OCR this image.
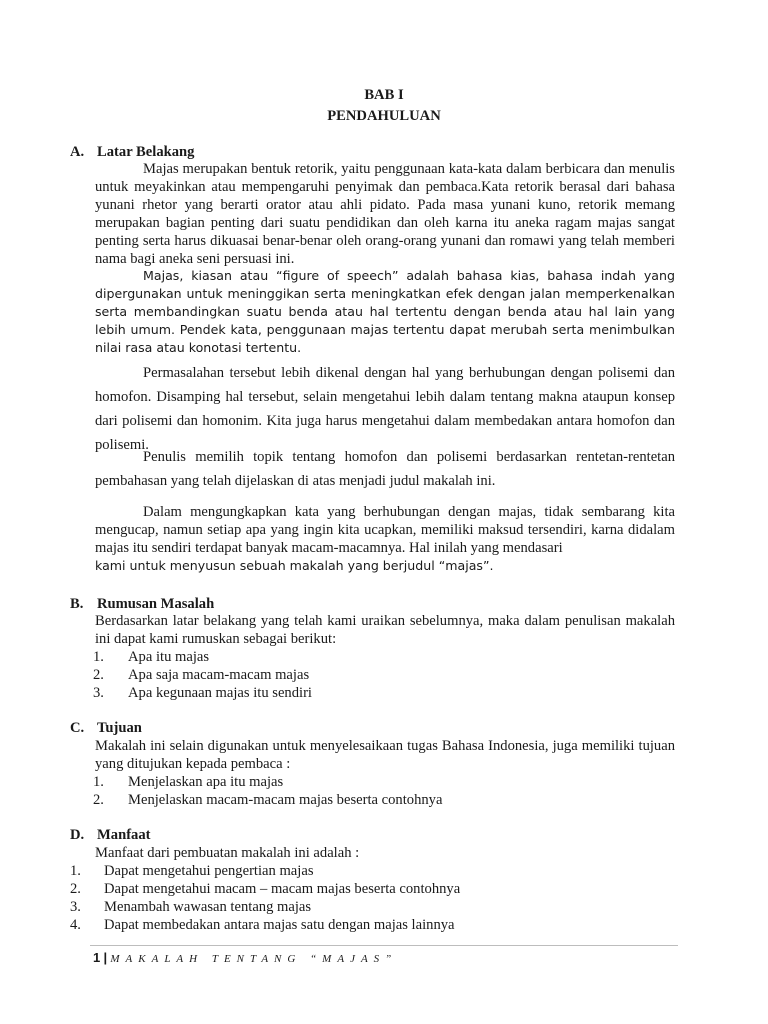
BAB I
PENDAHULUAN
A. Latar Belakang

Majas merupakan bentuk retorik, yaitu penggunaan kata-kata dalam berbicara dan menulis untuk meyakinkan atau mempengaruhi penyimak dan pembaca.Kata retorik berasal dari bahasa yunani rhetor yang berarti orator atau ahli pidato. Pada masa yunani kuno, retorik memang merupakan bagian penting dari suatu pendidikan dan oleh karna itu aneka ragam majas sangat penting serta harus dikuasai benar-benar oleh orang-orang yunani dan romawi yang telah memberi nama bagi aneka seni persuasi ini.

Majas, kiasan atau “figure of speech” adalah bahasa kias, bahasa indah yang dipergunakan untuk meninggikan serta meningkatkan efek dengan jalan memperkenalkan serta membandingkan suatu benda atau hal tertentu dengan benda atau hal lain yang lebih umum. Pendek kata, penggunaan majas tertentu dapat merubah serta menimbulkan nilai rasa atau konotasi tertentu.

Permasalahan tersebut lebih dikenal dengan hal yang berhubungan dengan polisemi dan homofon. Disamping hal tersebut, selain mengetahui lebih dalam tentang makna ataupun konsep dari polisemi dan homonim. Kita juga harus mengetahui dalam membedakan antara homofon dan polisemi.

Penulis memilih topik tentang homofon dan polisemi berdasarkan rentetan-rentetan pembahasan yang telah dijelaskan di atas menjadi judul makalah ini.

Dalam mengungkapkan kata yang berhubungan dengan majas, tidak sembarang kita mengucap, namun setiap apa yang ingin kita ucapkan, memiliki maksud tersendiri, karna didalam majas itu sendiri terdapat banyak macam-macamnya. Hal inilah yang mendasari

kami untuk menyusun sebuah makalah yang berjudul “majas”.

B. Rumusan Masalah

Berdasarkan latar belakang yang telah kami uraikan sebelumnya, maka dalam penulisan makalah ini dapat kami rumuskan sebagai berikut:

1. Apa itu majas
2. Apa saja macam-macam majas
3. Apa kegunaan majas itu sendiri
C. Tujuan

Makalah ini selain digunakan untuk menyelesaikaan tugas Bahasa Indonesia, juga memiliki tujuan yang ditujukan kepada pembaca :

1. Menjelaskan apa itu majas
2. Menjelaskan macam-macam majas beserta contohnya
D. Manfaat

Manfaat dari pembuatan makalah ini adalah :

1. Dapat mengetahui pengertian majas
2. Dapat mengetahui macam – macam majas beserta contohnya
3. Menambah wawasan tentang majas
4. Dapat membedakan antara majas satu dengan majas lainnya
1 | MAKALAH TENTANG “MAJAS”
